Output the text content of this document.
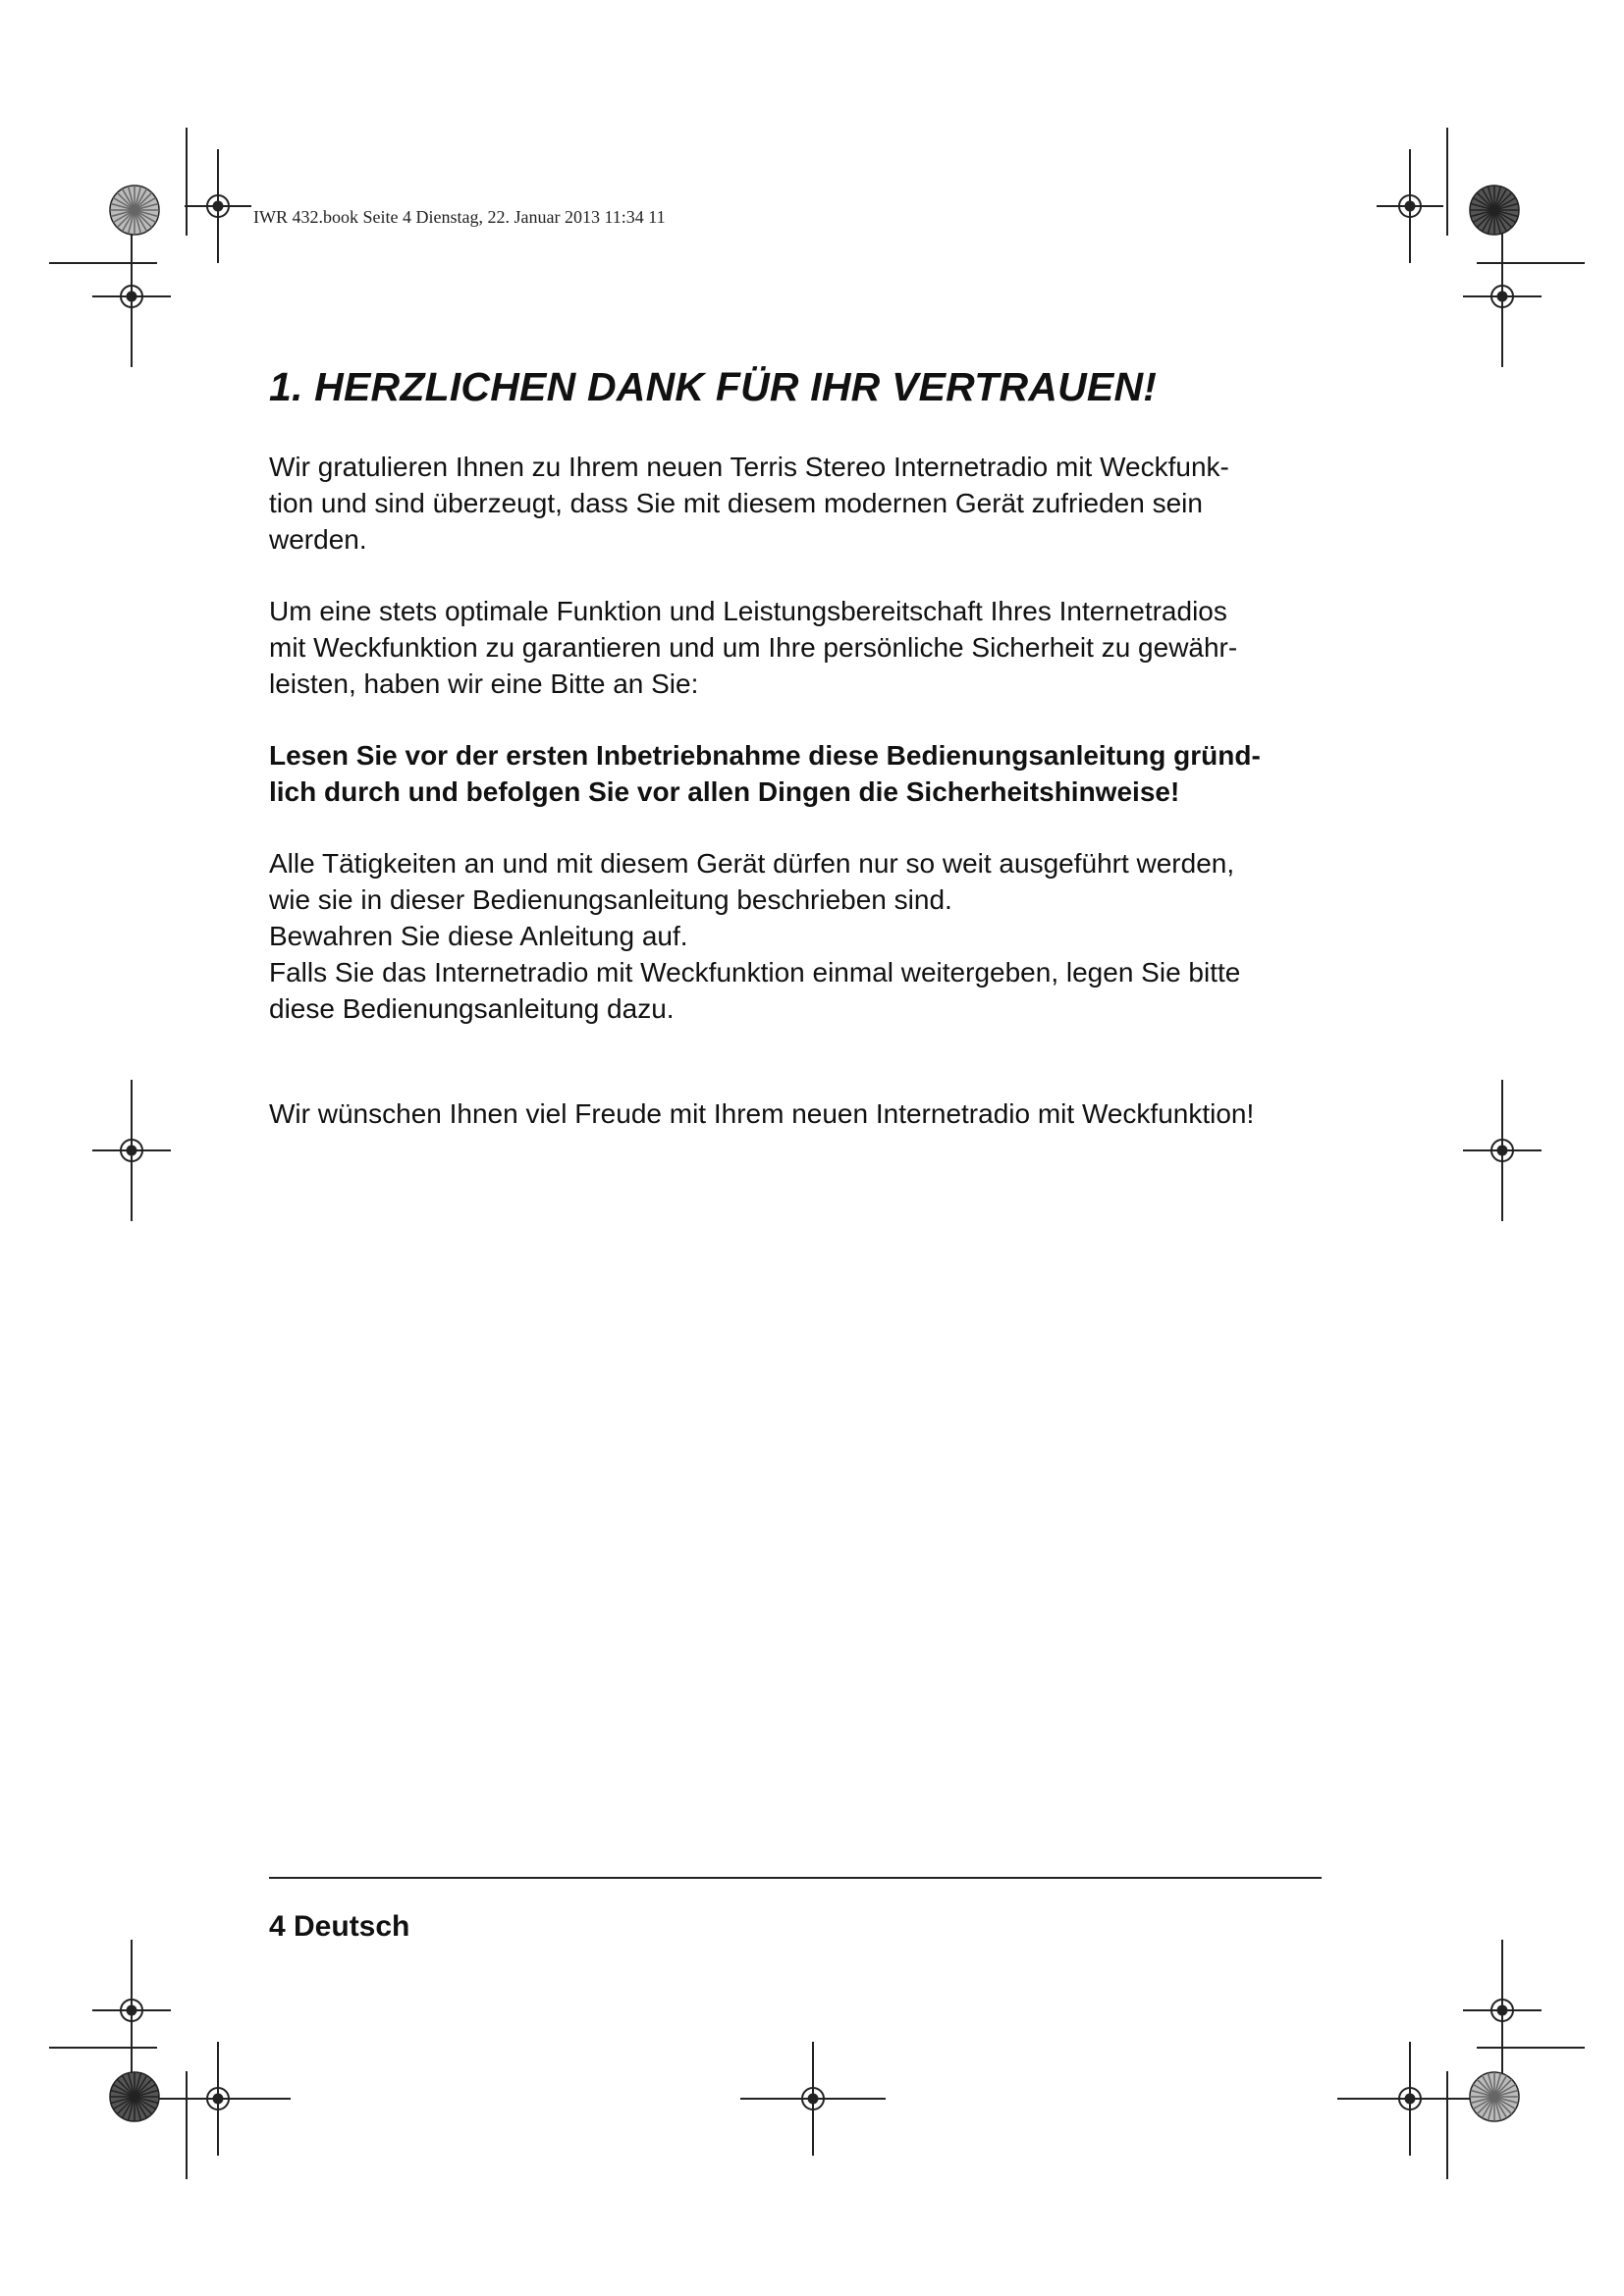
IWR 432.book Seite 4 Dienstag, 22. Januar 2013 11:34 11

1. HERZLICHEN DANK FÜR IHR VERTRAUEN!

Wir gratulieren Ihnen zu Ihrem neuen Terris Stereo Internetradio mit Weckfunk-
tion und sind überzeugt, dass Sie mit diesem modernen Gerät zufrieden sein
werden.

Um eine stets optimale Funktion und Leistungsbereitschaft Ihres Internetradios
mit Weckfunktion zu garantieren und um Ihre persönliche Sicherheit zu gewähr-
leisten, haben wir eine Bitte an Sie:

Lesen Sie vor der ersten Inbetriebnahme diese Bedienungsanleitung gründ-
lich durch und befolgen Sie vor allen Dingen die Sicherheitshinweise!

Alle Tätigkeiten an und mit diesem Gerät dürfen nur so weit ausgeführt werden,
wie sie in dieser Bedienungsanleitung beschrieben sind.
Bewahren Sie diese Anleitung auf.
Falls Sie das Internetradio mit Weckfunktion einmal weitergeben, legen Sie bitte
diese Bedienungsanleitung dazu.

Wir wünschen Ihnen viel Freude mit Ihrem neuen Internetradio mit Weckfunktion!

4 Deutsch
